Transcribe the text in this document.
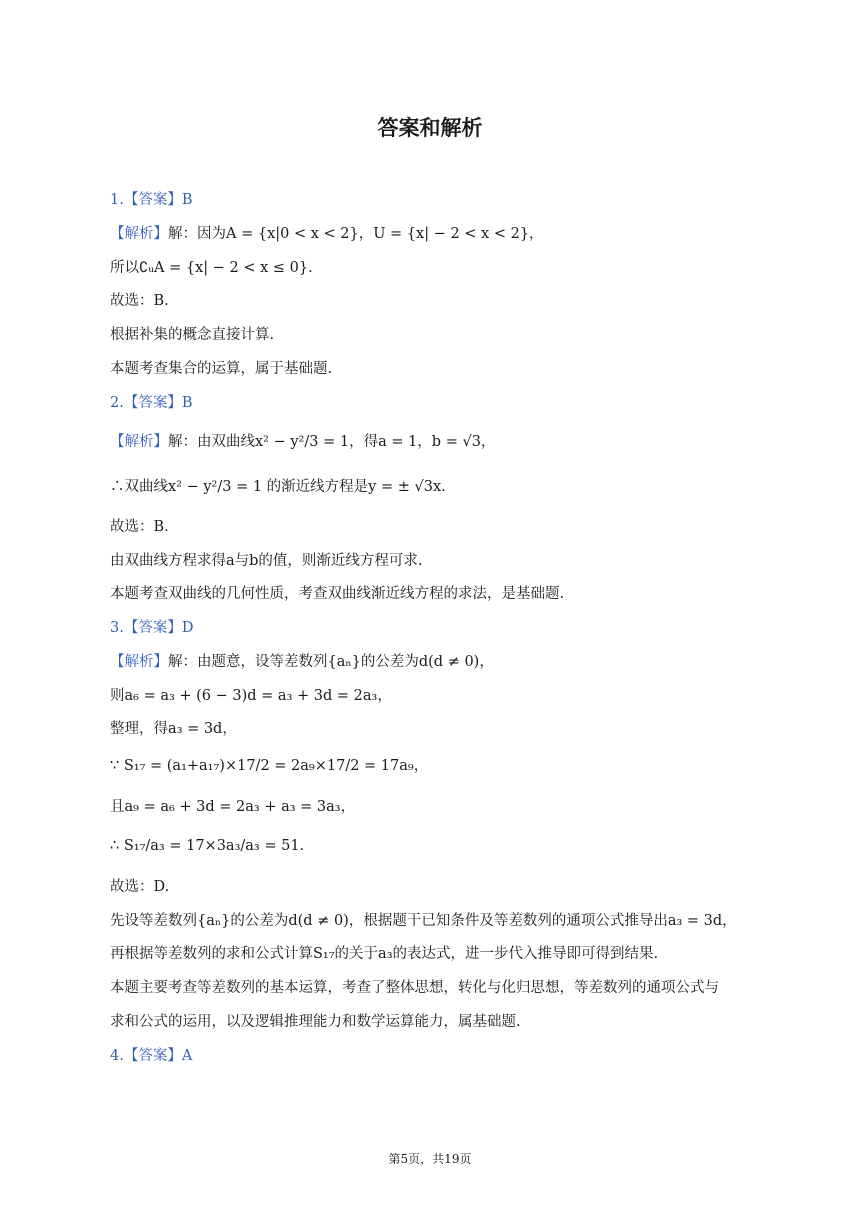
答案和解析
1.【答案】B
【解析】解：因为A = {x|0 < x < 2}，U = {x| − 2 < x < 2}，
所以∁ᵤA = {x| − 2 < x ≤ 0}.
故选：B.
根据补集的概念直接计算.
本题考查集合的运算，属于基础题.
2.【答案】B
【解析】解：由双曲线x² − y²/3 = 1，得a = 1，b = √3，
∴双曲线x² − y²/3 = 1 的渐近线方程是y = ± √3x.
故选：B.
由双曲线方程求得a与b的值，则渐近线方程可求.
本题考查双曲线的几何性质，考查双曲线渐近线方程的求法，是基础题.
3.【答案】D
【解析】解：由题意，设等差数列{aₙ}的公差为d(d ≠ 0)，
则a₆ = a₃ + (6 − 3)d = a₃ + 3d = 2a₃，
整理，得a₃ = 3d，
∵ S₁₇ = (a₁+a₁₇)×17/2 = 2a₉×17/2 = 17a₉，
且a₉ = a₆ + 3d = 2a₃ + a₃ = 3a₃，
∴ S₁₇/a₃ = 17×3a₃/a₃ = 51.
故选：D.
先设等差数列{aₙ}的公差为d(d ≠ 0)，根据题干已知条件及等差数列的通项公式推导出a₃ = 3d，
再根据等差数列的求和公式计算S₁₇的关于a₃的表达式，进一步代入推导即可得到结果.
本题主要考查等差数列的基本运算，考查了整体思想，转化与化归思想，等差数列的通项公式与
求和公式的运用，以及逻辑推理能力和数学运算能力，属基础题.
4.【答案】A
第5页，共19页
